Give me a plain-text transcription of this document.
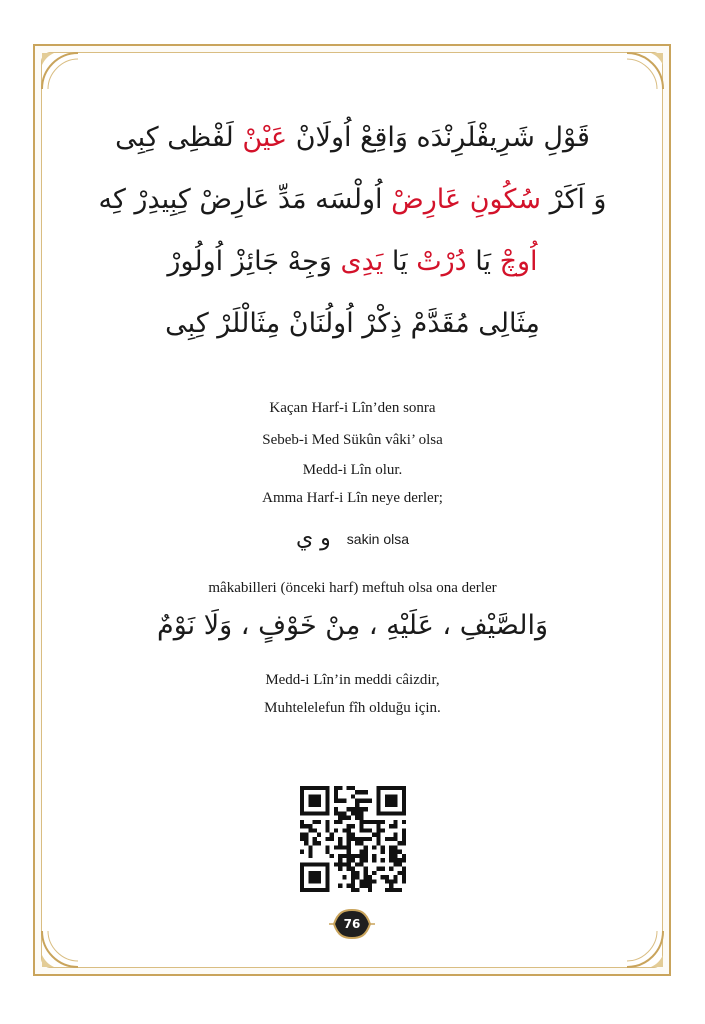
قَوْلِ شَرِيفْلَرِنْدَه وَاقِعْ اُولَانْ عَيْنْ لَفْظِى كِبِى
وَ اَكَرْ سُكُونِ عَارِضْ اُولْسَه مَدِّ عَارِضْ كِبِيدِرْ كِه
اُوچْ يَا دُرْتْ يَا يَدِى وَجِهْ جَائِزْ اُولُورْ
مِثَالِى مُقَدَّمْ ذِكْرْ اُولُنَانْ مِثَالْلَرْ كِبِى
Kaçan Harf-i Lîn’den sonra
Sebeb-i Med Sükûn vâki’ olsa
Medd-i Lîn olur.
Amma Harf-i Lîn neye derler;
و ي sakin olsa
mâkabilleri (önceki harf) meftuh olsa ona derler
وَالصَّيْفِ ، عَلَيْهِ ، مِنْ خَوْفٍ ، وَلَا نَوْمٌ
Medd-i Lîn’in meddi câizdir,
Muhtelelefun fîh olduğu için.
76
